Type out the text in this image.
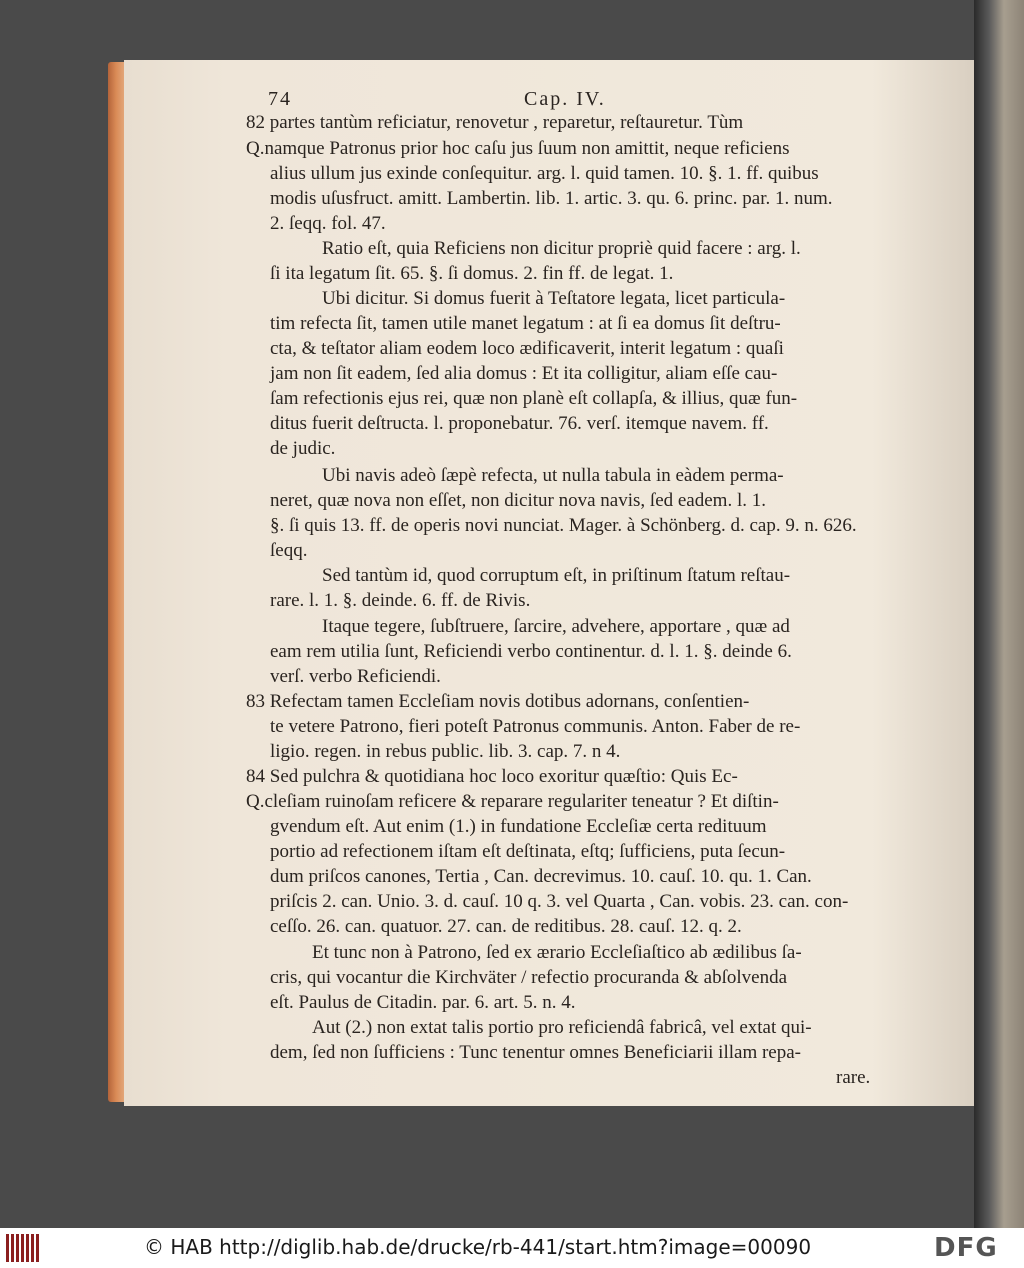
74	Cap. IV.
82 partes tantùm reficiatur, renovetur , reparetur, reſtauretur. Tùm
Q.namque Patronus prior hoc caſu jus ſuum non amittit, neque reficiens
alius ullum jus exinde conſequitur. arg. l. quid tamen. 10. §. 1. ff. quibus
modis uſusfruct. amitt. Lambertin. lib. 1. artic. 3. qu. 6. princ. par. 1. num.
2. ſeqq. fol. 47.
Ratio eſt, quia Reficiens non dicitur propriè quid facere : arg. l.
ſi ita legatum ſit. 65. §. ſi domus. 2. fin ff. de legat. 1.
Ubi dicitur. Si domus fuerit à Teſtatore legata, licet particula-
tim refecta ſit, tamen utile manet legatum : at ſi ea domus ſit deſtru-
cta, & teſtator aliam eodem loco ædificaverit, interit legatum : quaſi
jam non ſit eadem, ſed alia domus : Et ita colligitur, aliam eſſe cau-
ſam refectionis ejus rei, quæ non planè eſt collapſa, & illius, quæ fun-
ditus fuerit deſtructa. l. proponebatur. 76. verſ. itemque navem. ff.
de judic.
Ubi navis adeò ſæpè refecta, ut nulla tabula in eàdem perma-
neret, quæ nova non eſſet, non dicitur nova navis, ſed eadem. l. 1.
§. ſi quis 13. ff. de operis novi nunciat. Mager. à Schönberg. d. cap. 9. n. 626.
ſeqq.
Sed tantùm id, quod corruptum eſt, in priſtinum ſtatum reſtau-
rare. l. 1. §. deinde. 6. ff. de Rivis.
Itaque tegere, ſubſtruere, ſarcire, advehere, apportare , quæ ad
eam rem utilia ſunt, Reficiendi verbo continentur. d. l. 1. §. deinde 6.
verſ. verbo Reficiendi.
83 Refectam tamen Eccleſiam novis dotibus adornans, conſentien-
te vetere Patrono, fieri poteſt Patronus communis. Anton. Faber de re-
ligio. regen. in rebus public. lib. 3. cap. 7. n 4.
84 Sed pulchra & quotidiana hoc loco exoritur quæſtio: Quis Ec-
Q.cleſiam ruinoſam reficere & reparare regulariter teneatur ? Et diſtin-
gvendum eſt. Aut enim (1.) in fundatione Eccleſiæ certa redituum
portio ad refectionem iſtam eſt deſtinata, eſtq; ſufficiens, puta ſecun-
dum priſcos canones, Tertia , Can. decrevimus. 10. cauſ. 10. qu. 1. Can.
priſcis 2. can. Unio. 3. d. cauſ. 10 q. 3. vel Quarta , Can. vobis. 23. can. con-
ceſſo. 26. can. quatuor. 27. can. de reditibus. 28. cauſ. 12. q. 2.
Et tunc non à Patrono, ſed ex ærario Eccleſiaſtico ab ædilibus ſa-
cris, qui vocantur die Kirchväter / refectio procuranda & abſolvenda
eſt. Paulus de Citadin. par. 6. art. 5. n. 4.
Aut (2.) non extat talis portio pro reficiendâ fabricâ, vel extat qui-
dem, ſed non ſufficiens : Tunc tenentur omnes Beneficiarii illam repa-
rare.
© HAB http://diglib.hab.de/drucke/rb-441/start.htm?image=00090	DFG
